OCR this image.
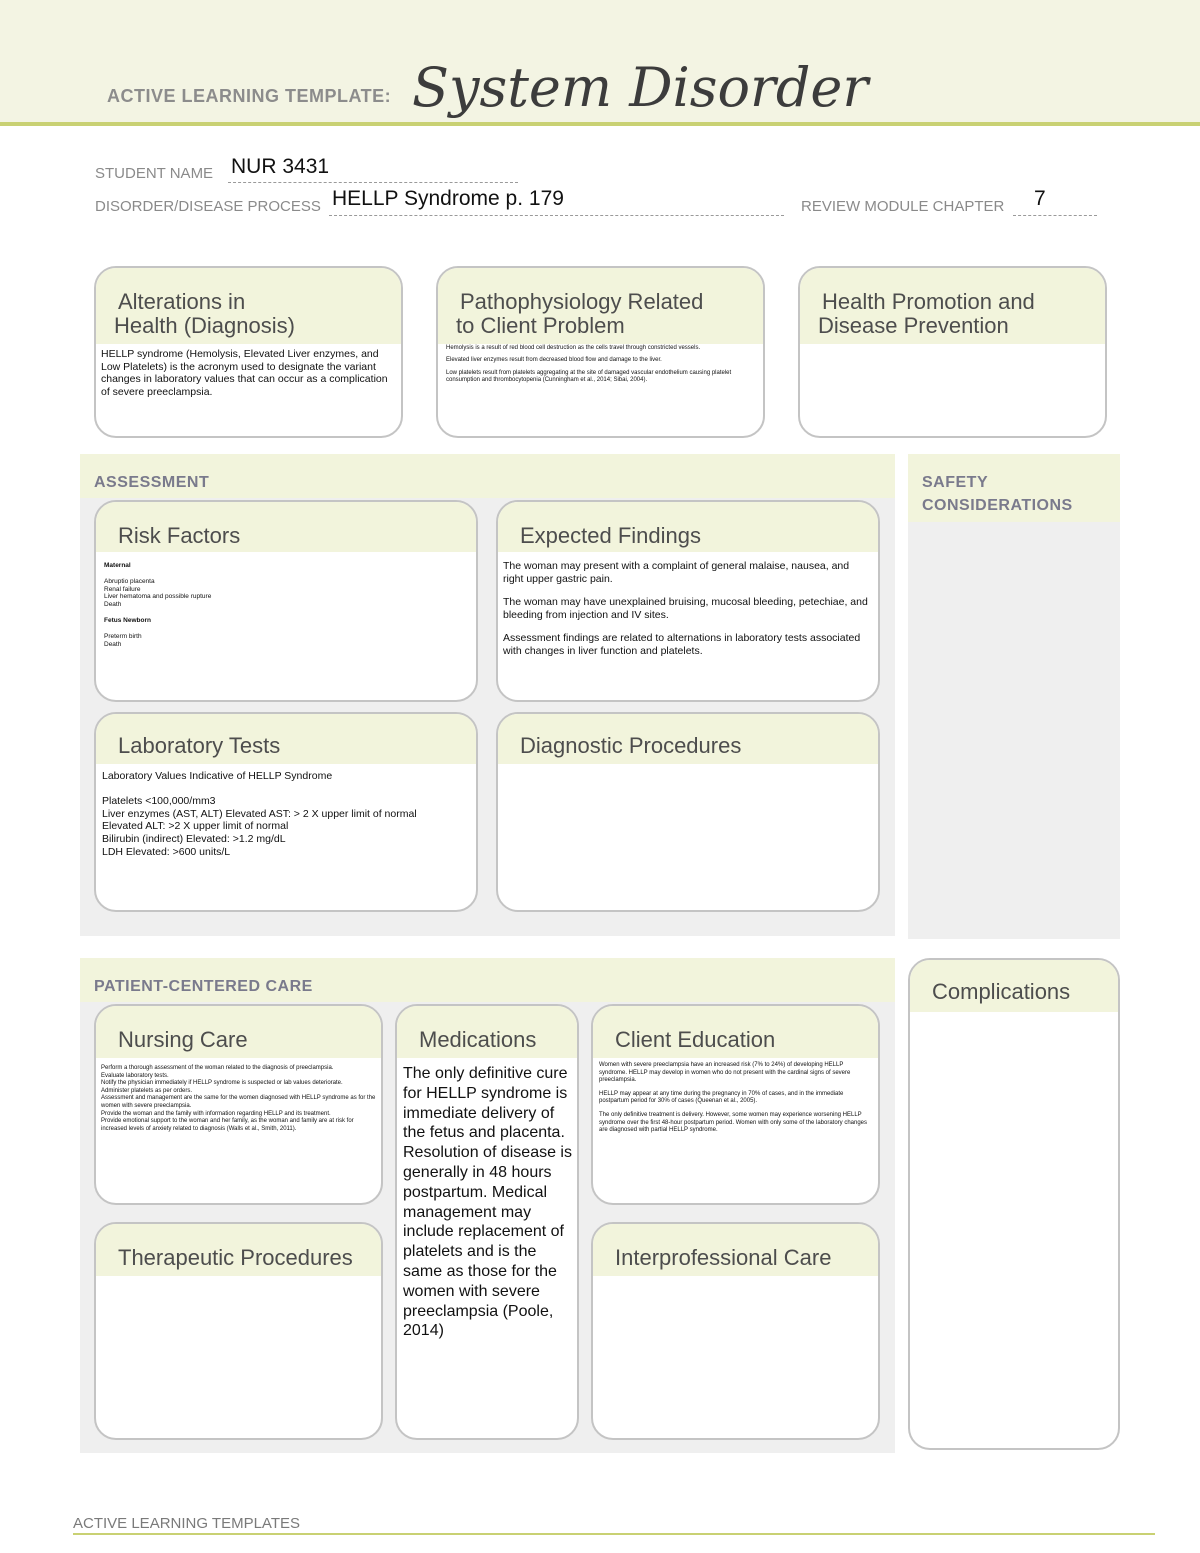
ACTIVE LEARNING TEMPLATE: System Disorder
STUDENT NAME NUR 3431
DISORDER/DISEASE PROCESS HELLP Syndrome p. 179	REVIEW MODULE CHAPTER 7
Alterations in
Health (Diagnosis)
HELLP syndrome (Hemolysis, Elevated Liver enzymes, and Low Platelets) is the acronym used to designate the variant changes in laboratory values that can occur as a complication of severe preeclampsia.
Pathophysiology Related
to Client Problem

Hemolysis is a result of red blood cell destruction as the cells travel through constricted vessels.

Elevated liver enzymes result from decreased blood flow and damage to the liver.

Low platelets result from platelets aggregating at the site of damaged vascular endothelium causing platelet consumption and thrombocytopenia (Cunningham et al., 2014; Sibai, 2004).

Health Promotion and
Disease Prevention
ASSESSMENT
Risk Factors
Maternal
Abruptio placenta
Renal failure
Liver hematoma and possible rupture
Death
Fetus Newborn
Preterm birth
Death
Expected Findings

The woman may present with a complaint of general malaise, nausea, and right upper gastric pain.

The woman may have unexplained bruising, mucosal bleeding, petechiae, and bleeding from injection and IV sites.

Assessment findings are related to alternations in laboratory tests associated with changes in liver function and platelets.

Laboratory Tests
Laboratory Values Indicative of HELLP Syndrome
Platelets <100,000/mm3
Liver enzymes (AST, ALT) Elevated AST: > 2 X upper limit of normal
Elevated ALT: >2 X upper limit of normal
Bilirubin (indirect) Elevated: >1.2 mg/dL
LDH Elevated: >600 units/L
Diagnostic Procedures
SAFETY
CONSIDERATIONS
Complications
PATIENT-CENTERED CARE
Nursing Care
Perform a thorough assessment of the woman related to the diagnosis of preeclampsia.
Evaluate laboratory tests.
Notify the physician immediately if HELLP syndrome is suspected or lab values deteriorate.
Administer platelets as per orders.
Assessment and management are the same for the women diagnosed with HELLP syndrome as for the women with severe preeclampsia.
Provide the woman and the family with information regarding HELLP and its treatment.
Provide emotional support to the woman and her family, as the woman and family are at risk for increased levels of anxiety related to diagnosis (Walls et al., Smith, 2011).
Medications
The only definitive cure for HELLP syndrome is immediate delivery of the fetus and placenta. Resolution of disease is generally in 48 hours postpartum. Medical management may include replacement of platelets and is the same as those for the women with severe preeclampsia (Poole, 2014)
Client Education

Women with severe preeclampsia have an increased risk (7% to 24%) of developing HELLP syndrome. HELLP may develop in women who do not present with the cardinal signs of severe preeclampsia.

HELLP may appear at any time during the pregnancy in 70% of cases, and in the immediate postpartum period for 30% of cases (Queenan et al., 2005).

The only definitive treatment is delivery. However, some women may experience worsening HELLP syndrome over the first 48-hour postpartum period. Women with only some of the laboratory changes are diagnosed with partial HELLP syndrome.

Therapeutic Procedures	Interprofessional Care
ACTIVE LEARNING TEMPLATES
